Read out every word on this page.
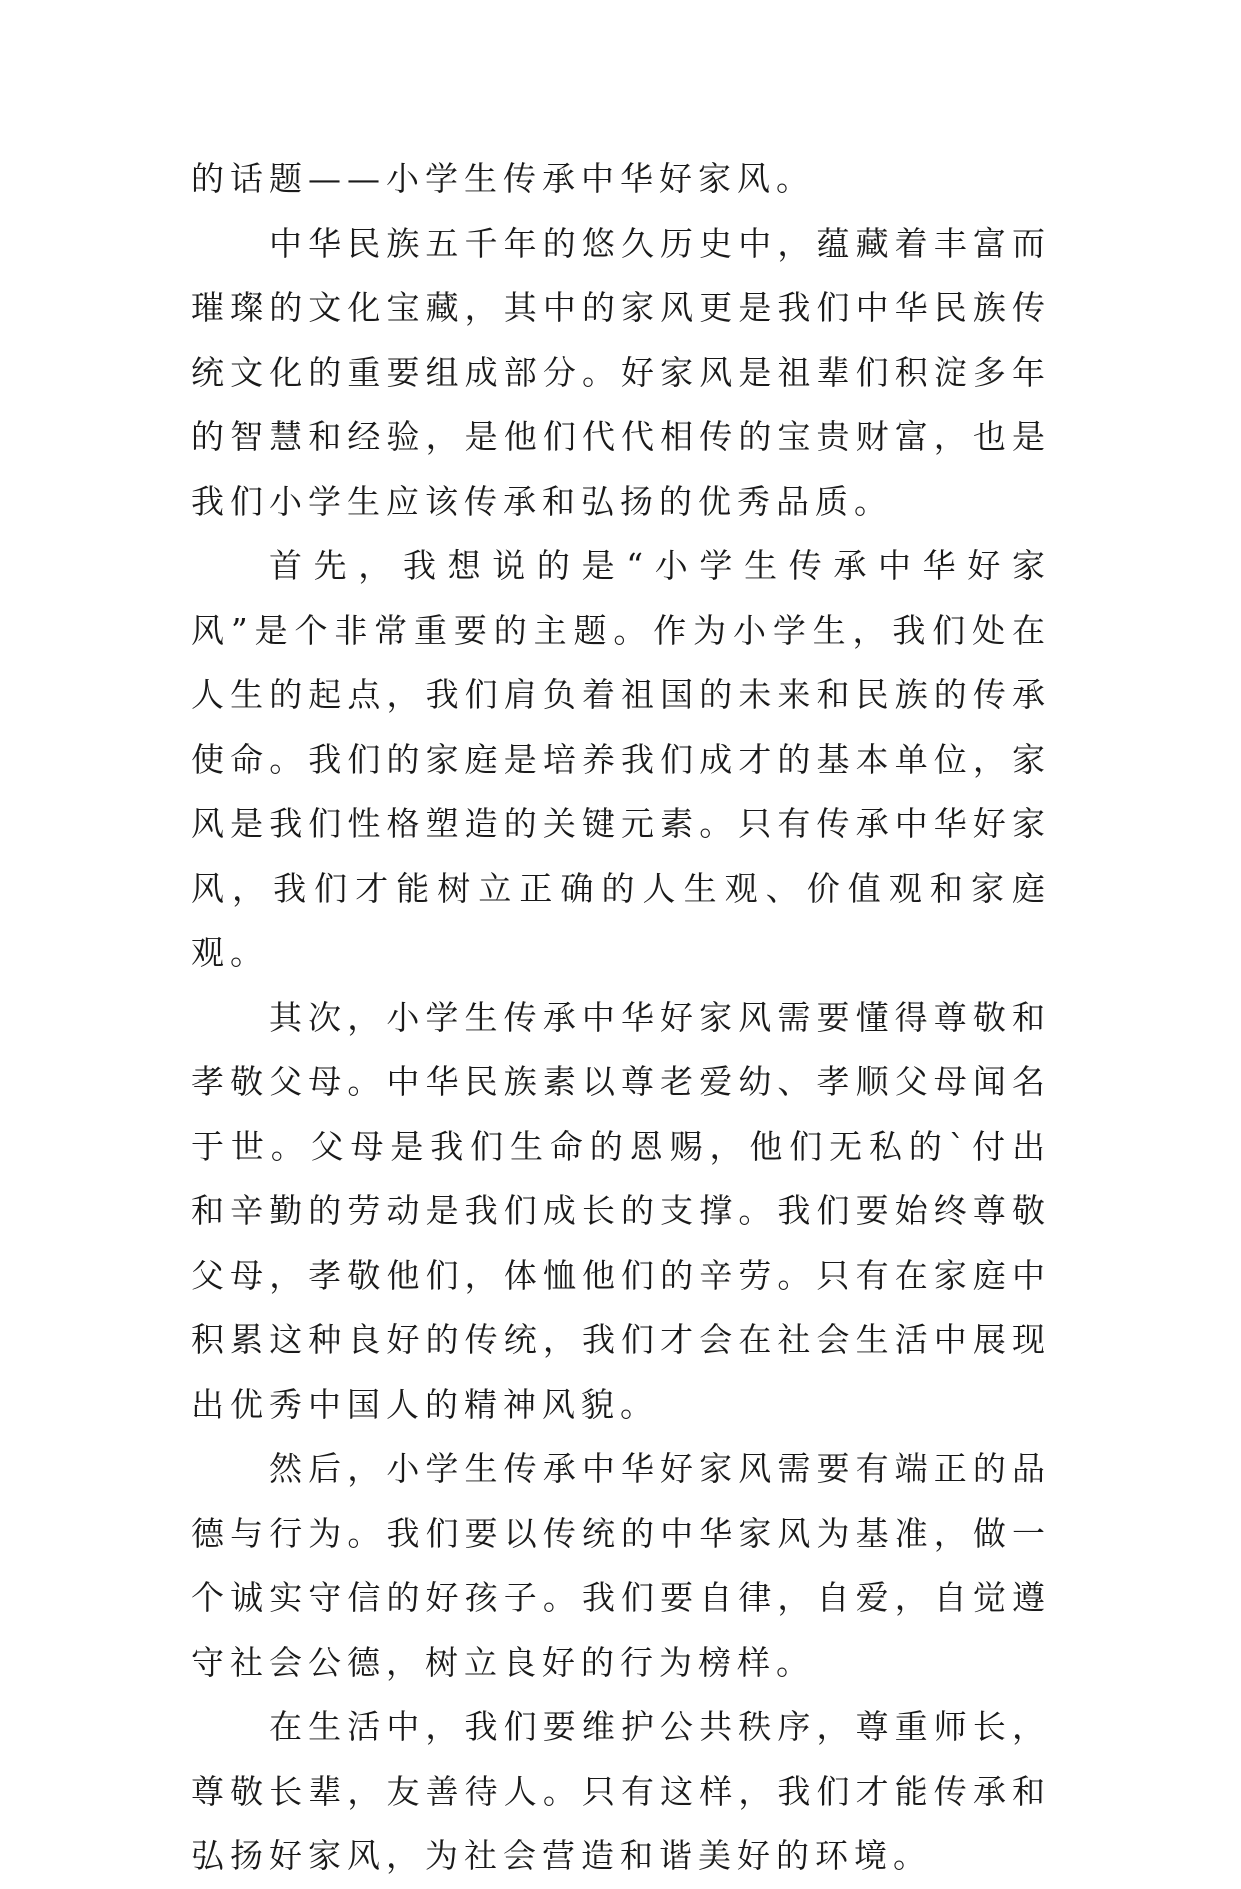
的话题——小学生传承中华好家风。

中华民族五千年的悠久历史中，蕴藏着丰富而璀璨的文化宝藏，其中的家风更是我们中华民族传统文化的重要组成部分。好家风是祖辈们积淀多年的智慧和经验，是他们代代相传的宝贵财富，也是我们小学生应该传承和弘扬的优秀品质。

首先，我想说的是“小学生传承中华好家风”是个非常重要的主题。作为小学生，我们处在人生的起点，我们肩负着祖国的未来和民族的传承使命。我们的家庭是培养我们成才的基本单位，家风是我们性格塑造的关键元素。只有传承中华好家风，我们才能树立正确的人生观、价值观和家庭观。

其次，小学生传承中华好家风需要懂得尊敬和孝敬父母。中华民族素以尊老爱幼、孝顺父母闻名于世。父母是我们生命的恩赐，他们无私的`付出和辛勤的劳动是我们成长的支撑。我们要始终尊敬父母，孝敬他们，体恤他们的辛劳。只有在家庭中积累这种良好的传统，我们才会在社会生活中展现出优秀中国人的精神风貌。

然后，小学生传承中华好家风需要有端正的品德与行为。我们要以传统的中华家风为基准，做一个诚实守信的好孩子。我们要自律，自爱，自觉遵守社会公德，树立良好的行为榜样。

在生活中，我们要维护公共秩序，尊重师长，尊敬长辈，友善待人。只有这样，我们才能传承和弘扬好家风，为社会营造和谐美好的环境。
